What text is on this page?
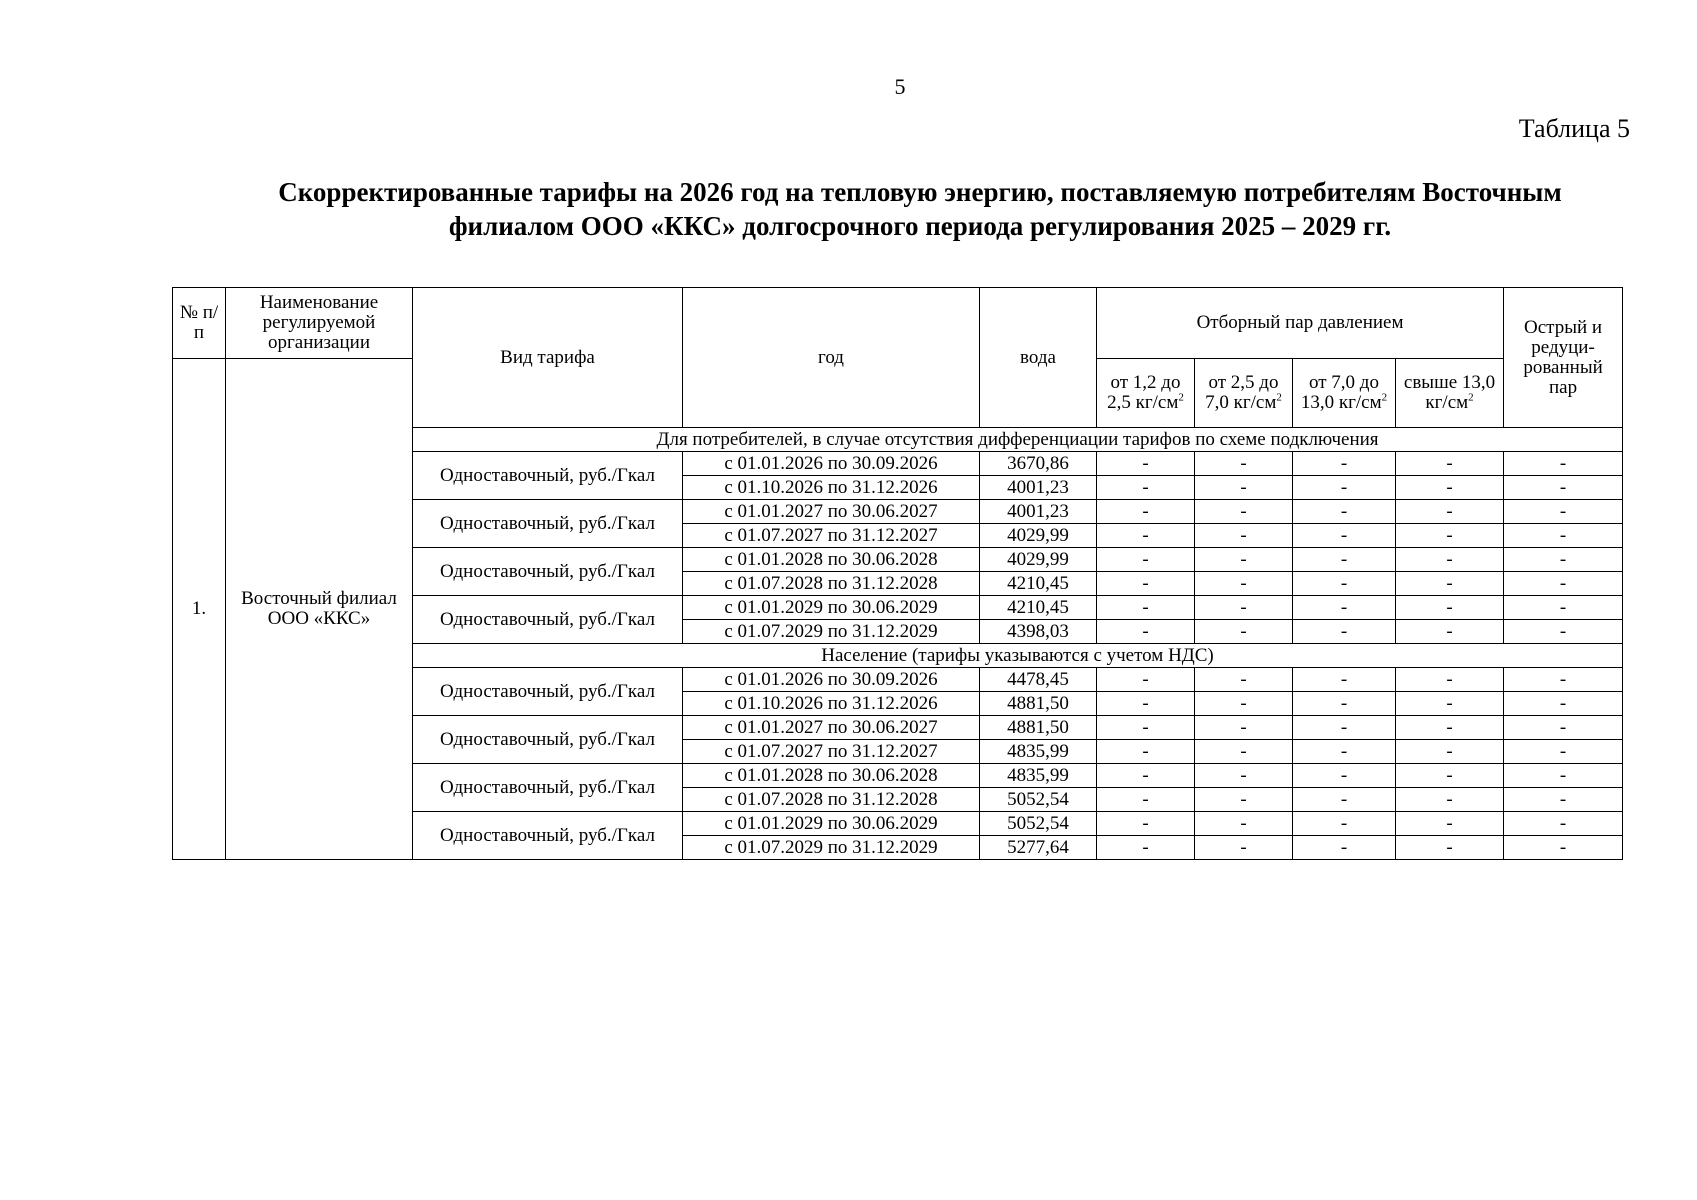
5
Таблица 5
Скорректированные тарифы на 2026 год на тепловую энергию, поставляемую потребителям Восточным
филиалом ООО «ККС» долгосрочного периода регулирования 2025 – 2029 гг.
№ п/п	Наименование регулируемой организации	Вид тарифа	год	вода	Отборный пар давлением				Острый и редуци-рованный пар
1.	Восточный филиал ООО «ККС»				от 1,2 до 2,5 $кг/см^2$	от 2,5 до 7,0 $кг/см^2$	от 7,0 до 13,0 $кг/см^2$	свыше 13,0 $кг/см^2$
		Для потребителей, в случае отсутствия дифференциации тарифов по схеме подключения							
		Одноставочный, руб./Гкал	с 01.01.2026 по 30.09.2026	3670,86	-	-	-	-	-
			с 01.10.2026 по 31.12.2026	4001,23	-	-	-	-	-
		Одноставочный, руб./Гкал	с 01.01.2027 по 30.06.2027	4001,23	-	-	-	-	-
			с 01.07.2027 по 31.12.2027	4029,99	-	-	-	-	-
		Одноставочный, руб./Гкал	с 01.01.2028 по 30.06.2028	4029,99	-	-	-	-	-
			с 01.07.2028 по 31.12.2028	4210,45	-	-	-	-	-
		Одноставочный, руб./Гкал	с 01.01.2029 по 30.06.2029	4210,45	-	-	-	-	-
			с 01.07.2029 по 31.12.2029	4398,03	-	-	-	-	-
		Население (тарифы указываются с учетом НДС)							
		Одноставочный, руб./Гкал	с 01.01.2026 по 30.09.2026	4478,45	-	-	-	-	-
			с 01.10.2026 по 31.12.2026	4881,50	-	-	-	-	-
		Одноставочный, руб./Гкал	с 01.01.2027 по 30.06.2027	4881,50	-	-	-	-	-
			с 01.07.2027 по 31.12.2027	4835,99	-	-	-	-	-
		Одноставочный, руб./Гкал	с 01.01.2028 по 30.06.2028	4835,99	-	-	-	-	-
			с 01.07.2028 по 31.12.2028	5052,54	-	-	-	-	-
		Одноставочный, руб./Гкал	с 01.01.2029 по 30.06.2029	5052,54	-	-	-	-	-
			с 01.07.2029 по 31.12.2029	5277,64	-	-	-	-	-
